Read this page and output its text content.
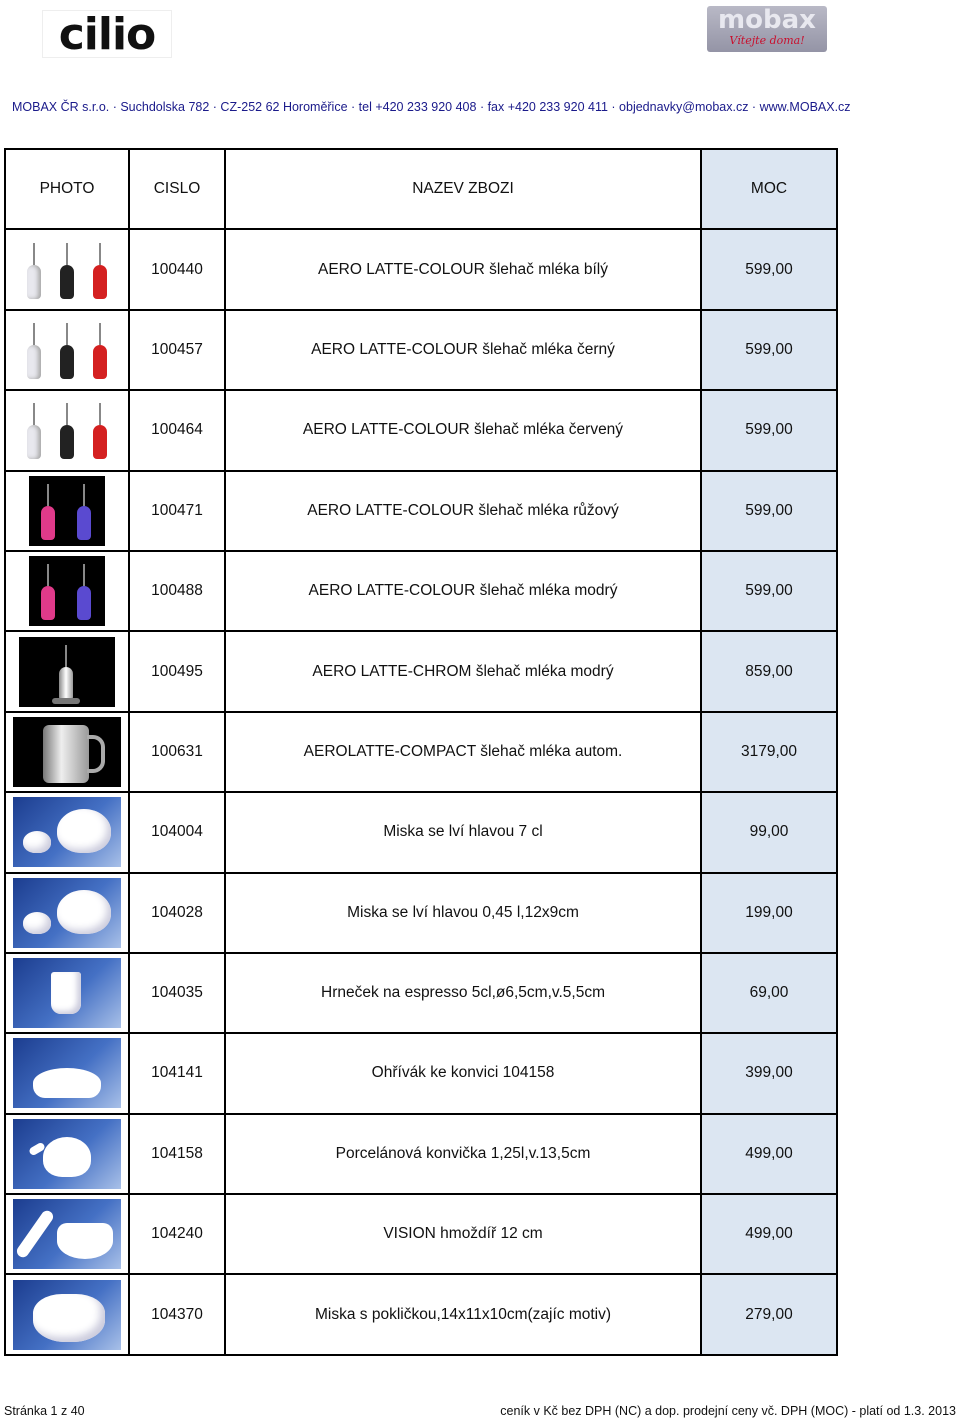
cilio	mobax
Vítejte doma!
MOBAX ČR s.r.o. · Suchdolska 782 · CZ-252 62 Horoměřice · tel +420 233 920 408 · fax +420 233 920 411 · objednavky@mobax.cz · www.MOBAX.cz
PHOTO	CISLO	NAZEV ZBOZI	MOC

	100440	AERO LATTE-COLOUR šlehač mléka bílý	599,00

	100457	AERO LATTE-COLOUR šlehač mléka černý	599,00

	100464	AERO LATTE-COLOUR šlehač mléka červený	599,00

	100471	AERO LATTE-COLOUR šlehač mléka růžový	599,00

	100488	AERO LATTE-COLOUR šlehač mléka modrý	599,00

	100495	AERO LATTE-CHROM šlehač mléka modrý	859,00

	100631	AEROLATTE-COMPACT šlehač mléka autom.	3179,00

	104004	Miska se lví hlavou 7 cl	99,00

	104028	Miska se lví hlavou 0,45 l,12x9cm	199,00

	104035	Hrneček na espresso 5cl,ø6,5cm,v.5,5cm	69,00

	104141	Ohřívák ke konvici 104158	399,00

	104158	Porcelánová konvička 1,25l,v.13,5cm	499,00

	104240	VISION hmoždíř 12 cm	499,00

	104370	Miska s pokličkou,14x11x10cm(zajíc motiv)	279,00
Stránka 1 z 40	ceník v Kč bez DPH (NC) a dop. prodejní ceny vč. DPH (MOC) - platí od 1.3. 2013
